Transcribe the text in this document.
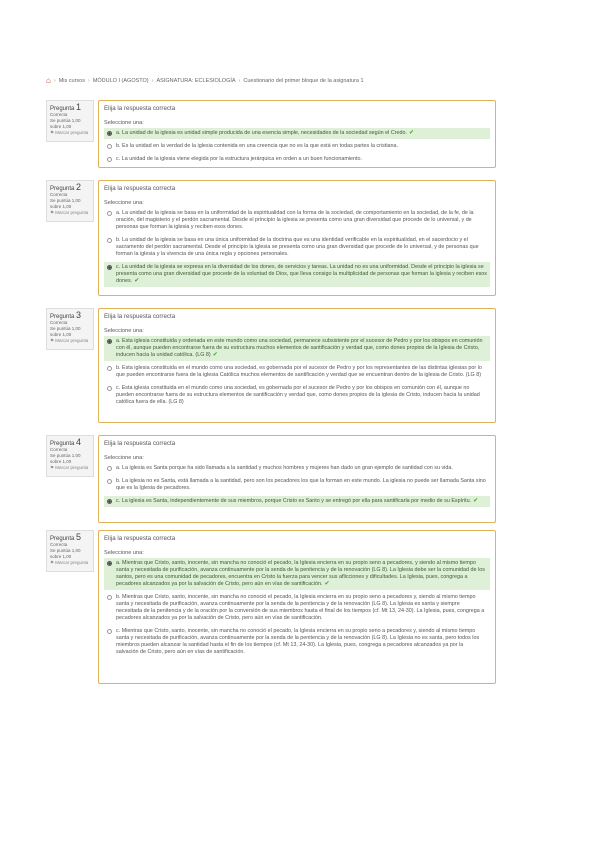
⌂ › Mis cursos › MÓDULO I (AGOSTO) › ASIGNATURA: ECLESIOLOGÍA › Cuestionario del primer bloque de la asignatura 1
Pregunta 1
Correcta
Se puntúa 1,00 sobre 1,00
⚑ Marcar pregunta
Elija la respuesta correcta
Seleccione una:
a. La unidad de la iglesia es unidad simple producida de una esencia simple, necesidades de la sociedad según el Credo. ✔
b. Es la unidad en la verdad de la iglesia contenida en una creencia que no es la que está en todas partes la cristiana.
c. La unidad de la iglesia viene elegida por la estructura jerárquica en orden a un buen funcionamiento.
Pregunta 2
Correcta
Se puntúa 1,00 sobre 1,00
⚑ Marcar pregunta
Elija la respuesta correcta
Seleccione una:
a. La unidad de la iglesia se basa en la uniformidad de la espiritualidad con la forma de la sociedad, de comportamiento en la sociedad, de la fe, de la oración, del magisterio y el perdón sacramental. Desde el principio la iglesia se presenta como una gran diversidad que procede de lo universal, y de personas que forman la iglesia y reciben esos dones.
b. La unidad de la iglesia se basa en una única uniformidad de la doctrina que es una identidad verificable en la espiritualidad, en el sacerdocio y el sacramento del perdón sacramental. Desde el principio la iglesia se presenta como una gran diversidad que procede de lo universal, y de personas que forman la iglesia y la vivencia de una única regla y opciones personales.
c. La unidad de la iglesia se expresa en la diversidad de los dones, de servicios y tareas. La unidad no es una uniformidad. Desde el principio la iglesia se presenta como una gran diversidad que procede de la voluntad de Dios, que lleva consigo la multiplicidad de personas que forman la iglesia y reciben esos dones. ✔
Pregunta 3
Correcta
Se puntúa 1,00 sobre 1,00
⚑ Marcar pregunta
Elija la respuesta correcta
Seleccione una:
a. Esta iglesia constituida y ordenada en este mundo como una sociedad, permanece subsistente por el sucesor de Pedro y por los obispos en comunión con él, aunque pueden encontrarse fuera de su estructura muchos elementos de santificación y verdad que, como dones propios de la Iglesia de Cristo, inducen hacia la unidad católica. (LG 8) ✔
b. Esta iglesia constituida en el mundo como una sociedad, es gobernada por el sucesor de Pedro y por los representantes de las distintas iglesias por lo que pueden encontrarse fuera de la iglesia Católica muchos elementos de santificación y verdad que se encuentran dentro de la iglesia de Cristo. (LG 8)
c. Esta iglesia constituida en el mundo como una sociedad, es gobernada por el sucesor de Pedro y por los obispos en comunión con él, aunque no pueden encontrarse fuera de su estructura elementos de santificación y verdad que, como dones propios de la iglesia de Cristo, inducen hacia la unidad católica fuera de ella. (LG 8)
Pregunta 4
Correcta
Se puntúa 1,00 sobre 1,00
⚑ Marcar pregunta
Elija la respuesta correcta
Seleccione una:
a. La iglesia es Santa porque ha sido llamada a la santidad y muchos hombres y mujeres han dado un gran ejemplo de santidad con su vida.
b. La iglesia no es Santa, está llamada a la santidad, pero son los pecadores los que la forman en este mundo. La iglesia no puede ser llamada Santa sino que es la Iglesia de pecadores.
c. La iglesia es Santa, independientemente de sus miembros, porque Cristo es Santo y se entregó por ella para santificarla por medio de su Espíritu. ✔
Pregunta 5
Correcta
Se puntúa 1,00 sobre 1,00
⚑ Marcar pregunta
Elija la respuesta correcta
Seleccione una:
a. Mientras que Cristo, santo, inocente, sin mancha no conoció el pecado, la Iglesia encierra en su propio seno a pecadores, y siendo al mismo tiempo santa y necesitada de purificación, avanza continuamente por la senda de la penitencia y de la renovación (LG 8). La Iglesia debe ser la comunidad de los santos, pero es una comunidad de pecadores, encuentra en Cristo la fuerza para vencer sus aflicciones y dificultades. La Iglesia, pues, congrega a pecadores alcanzados ya por la salvación de Cristo, pero aún en vías de santificación. ✔
b. Mientras que Cristo, santo, inocente, sin mancha no conoció el pecado, la Iglesia encierra en su propio seno a pecadores y, siendo al mismo tiempo santa y necesitada de purificación, avanza continuamente por la senda de la penitencia y de la renovación (LG 8). La Iglesia es santa y siempre necesitada de la penitencia y de la oración por la conversión de sus miembros hasta el final de los tiempos (cf. Mt 13, 24-30). La Iglesia, pues, congrega a pecadores alcanzados ya por la salvación de Cristo, pero aún en vías de santificación.
c. Mientras que Cristo, santo, inocente, sin mancha no conoció el pecado, la Iglesia encierra en su propio seno a pecadores y, siendo al mismo tiempo santa y necesitada de purificación, avanza continuamente por la senda de la penitencia y de la renovación (LG 8). La Iglesia no es santa, pero todos los miembros pueden alcanzar la santidad hasta el fin de los tiempos (cf. Mt 13, 24-30). La Iglesia, pues, congrega a pecadores alcanzados ya por la salvación de Cristo, pero aún en vías de santificación.
